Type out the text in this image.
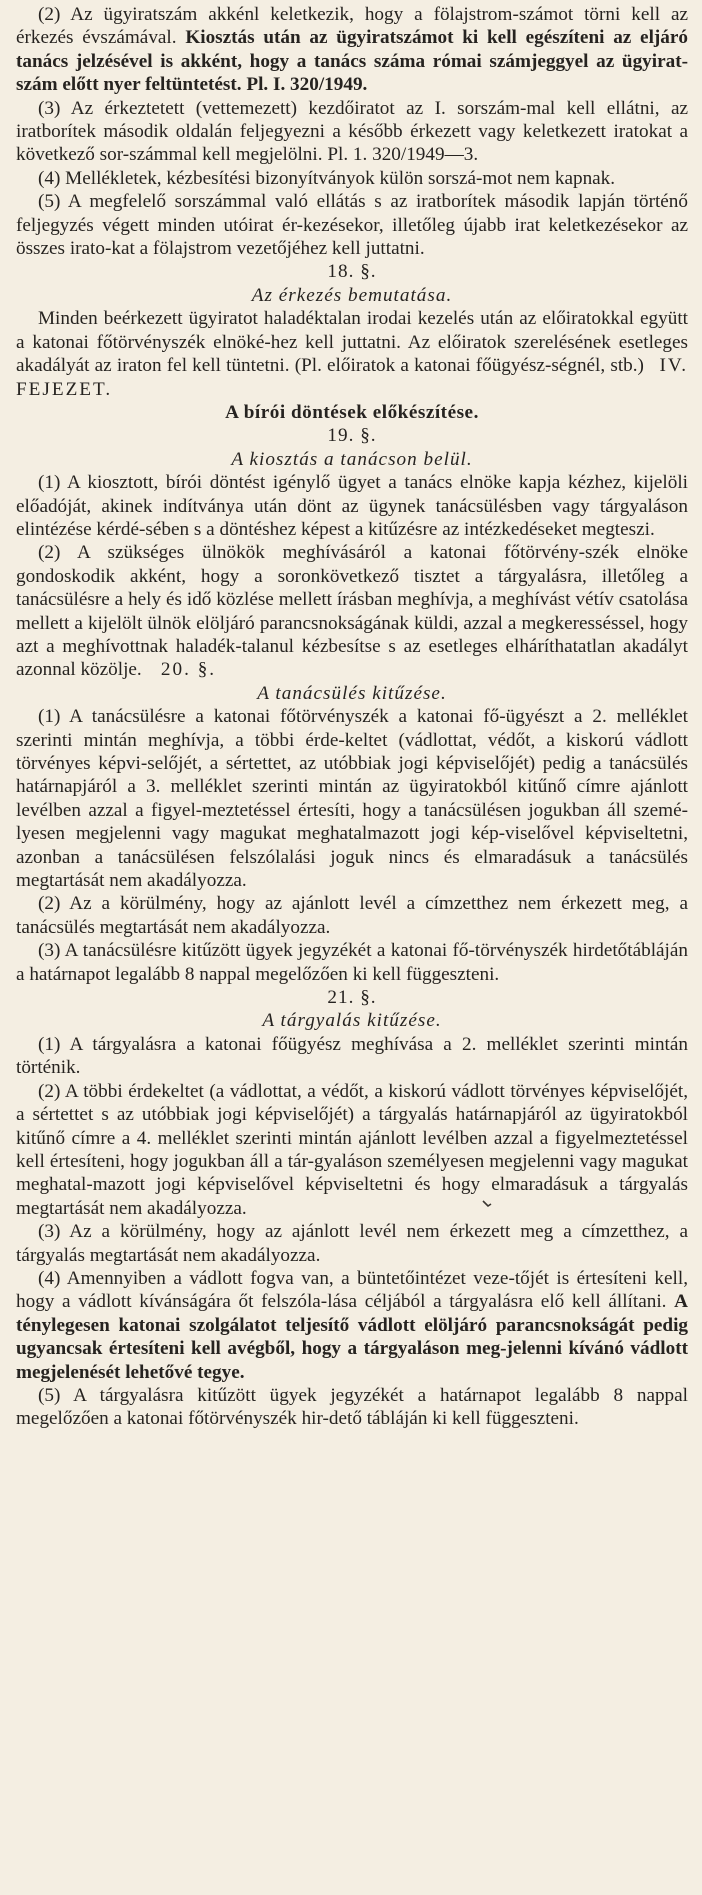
(2) Az ügyiratszám akkénl keletkezik, hogy a fölajstrom-számot törni kell az érkezés évszámával. Kiosztás után az ügyiratszámot ki kell egészíteni az eljáró tanács jelzésével is akként, hogy a tanács száma római számjeggyel az ügyirat-szám előtt nyer feltüntetést. Pl. I. 320/1949.

(3) Az érkeztetett (vettemezett) kezdőiratot az I. sorszám-mal kell ellátni, az iratborítek második oldalán feljegyezni a később érkezett vagy keletkezett iratokat a következő sor-számmal kell megjelölni. Pl. 1. 320/1949—3.

(4) Mellékletek, kézbesítési bizonyítványok külön sorszá-mot nem kapnak.

(5) A megfelelő sorszámmal való ellátás s az iratborítek második lapján történő feljegyzés végett minden utóirat ér-kezésekor, illetőleg újabb irat keletkezésekor az összes irato-kat a fölajstrom vezetőjéhez kell juttatni.

18. §.

Az érkezés bemutatása.

Minden beérkezett ügyiratot haladéktalan irodai kezelés után az előiratokkal együtt a katonai főtörvényszék elnöké-hez kell juttatni. Az előiratok szerelésének esetleges akadályát az iraton fel kell tüntetni. (Pl. előiratok a katonai főügyész-ségnél, stb.) IV. FEJEZET.

A bírói döntések előkészítése.

19. §.

A kiosztás a tanácson belül.

(1) A kiosztott, bírói döntést igénylő ügyet a tanács elnöke kapja kézhez, kijelöli előadóját, akinek indítványa után dönt az ügynek tanácsülésben vagy tárgyaláson elintézése kérdé-sében s a döntéshez képest a kitűzésre az intézkedéseket megteszi.

(2) A szükséges ülnökök meghívásáról a katonai főtörvény-szék elnöke gondoskodik akként, hogy a soronkövetkező tisztet a tárgyalásra, illetőleg a tanácsülésre a hely és idő közlése mellett írásban meghívja, a meghívást vétív csatolása mellett a kijelölt ülnök elöljáró parancsnokságának küldi, azzal a megkeresséssel, hogy azt a meghívottnak haladék-talanul kézbesítse s az esetleges elháríthatatlan akadályt azonnal közölje. 20. §.

A tanácsülés kitűzése.

(1) A tanácsülésre a katonai főtörvényszék a katonai fő-ügyészt a 2. melléklet szerinti mintán meghívja, a többi érde-keltet (vádlottat, védőt, a kiskorú vádlott törvényes képvi-selőjét, a sértettet, az utóbbiak jogi képviselőjét) pedig a tanácsülés határnapjáról a 3. melléklet szerinti mintán az ügyiratokból kitűnő címre ajánlott levélben azzal a figyel-meztetéssel értesíti, hogy a tanácsülésen jogukban áll szemé-lyesen megjelenni vagy magukat meghatalmazott jogi kép-viselővel képviseltetni, azonban a tanácsülésen felszólalási joguk nincs és elmaradásuk a tanácsülés megtartását nem akadályozza.

(2) Az a körülmény, hogy az ajánlott levél a címzetthez nem érkezett meg, a tanácsülés megtartását nem akadályozza.

(3) A tanácsülésre kitűzött ügyek jegyzékét a katonai fő-törvényszék hirdetőtábláján a határnapot legalább 8 nappal megelőzően ki kell függeszteni.

21. §.

A tárgyalás kitűzése.

(1) A tárgyalásra a katonai főügyész meghívása a 2. melléklet szerinti mintán történik.

(2) A többi érdekeltet (a vádlottat, a védőt, a kiskorú vádlott törvényes képviselőjét, a sértettet s az utóbbiak jogi képviselőjét) a tárgyalás határnapjáról az ügyiratokból kitűnő címre a 4. melléklet szerinti mintán ajánlott levélben azzal a figyelmeztetéssel kell értesíteni, hogy jogukban áll a tár-gyaláson személyesen megjelenni vagy magukat meghatal-mazott jogi képviselővel képviseltetni és hogy elmaradásuk a tárgyalás megtartását nem akadályozza.

(3) Az a körülmény, hogy az ajánlott levél nem érkezett meg a címzetthez, a tárgyalás megtartását nem akadályozza.

(4) Amennyiben a vádlott fogva van, a büntetőintézet veze-tőjét is értesíteni kell, hogy a vádlott kívánságára őt felszóla-lása céljából a tárgyalásra elő kell állítani. A ténylegesen katonai szolgálatot teljesítő vádlott elöljáró parancsnokságát pedig ugyancsak értesíteni kell avégből, hogy a tárgyaláson meg-jelenni kívánó vádlott megjelenését lehetővé tegye.

(5) A tárgyalásra kitűzött ügyek jegyzékét a határnapot legalább 8 nappal megelőzően a katonai főtörvényszék hir-dető tábláján ki kell függeszteni.
